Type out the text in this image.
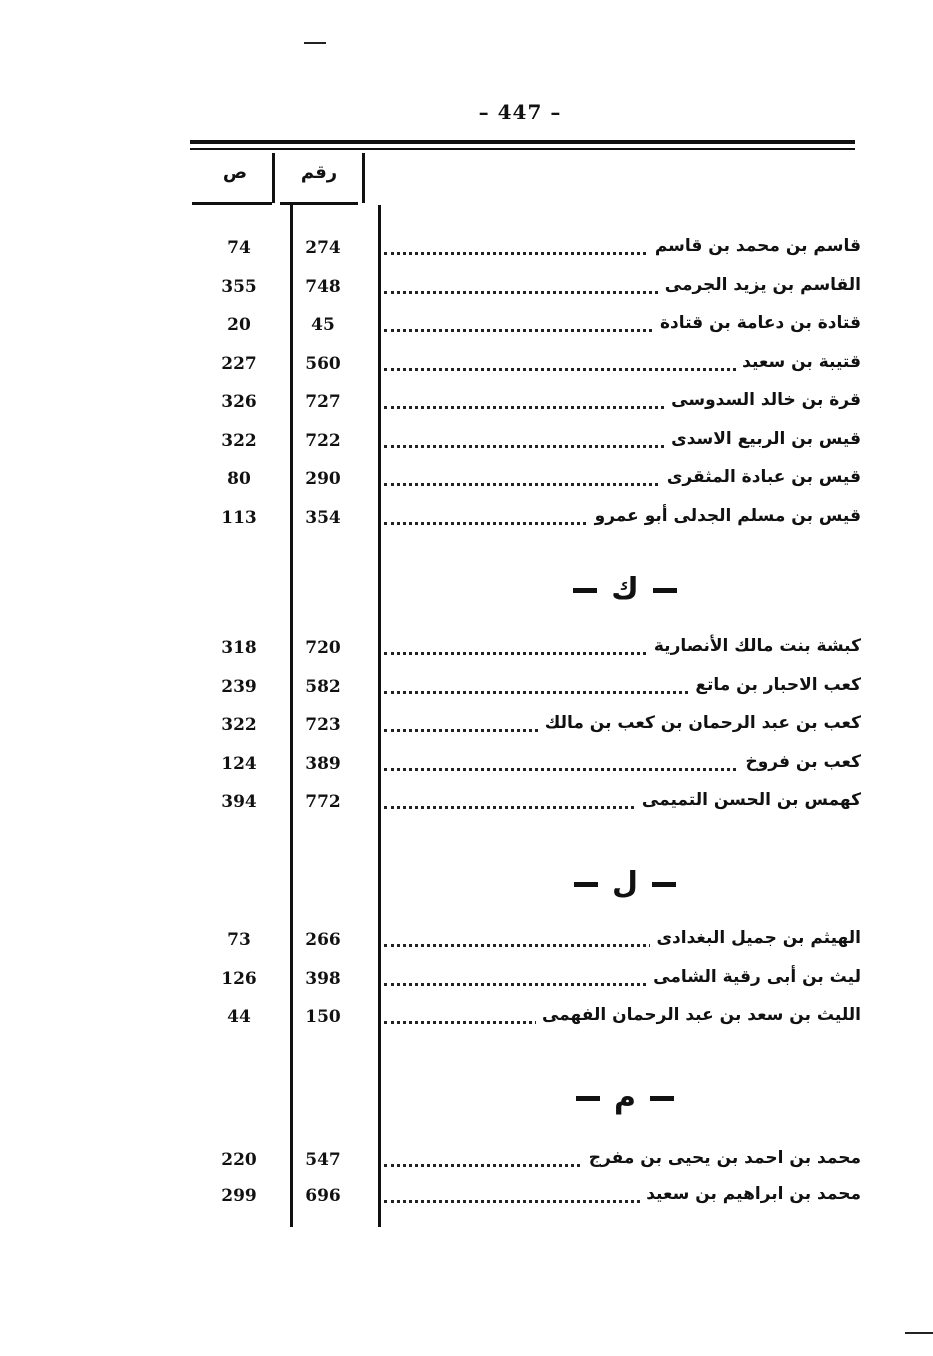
– 447 –
ص	رقم
قاسم بن محمد بن قاسم
274
74
القاسم بن يزيد الجرمى
748
355
قتادة بن دعامة بن قتادة
45
20
قتيبة بن سعيد
560
227
قرة بن خالد السدوسى
727
326
قيس بن الربيع الاسدى
722
322
قيس بن عبادة المثقرى
290
80
قيس بن مسلم الجدلى أبو عمرو
354
113
ك
كبشة بنت مالك الأنصارية
720
318
كعب الاحبار بن ماتع
582
239
كعب بن عبد الرحمان بن كعب بن مالك
723
322
كعب بن فروخ
389
124
كهمس بن الحسن التميمى
772
394
ل
الهيثم بن جميل البغدادى
266
73
ليث بن أبى رقية الشامى
398
126
الليث بن سعد بن عبد الرحمان الفهمى
150
44
م
محمد بن احمد بن يحيى بن مفرج
547
220
محمد بن ابراهيم بن سعيد
696
299
